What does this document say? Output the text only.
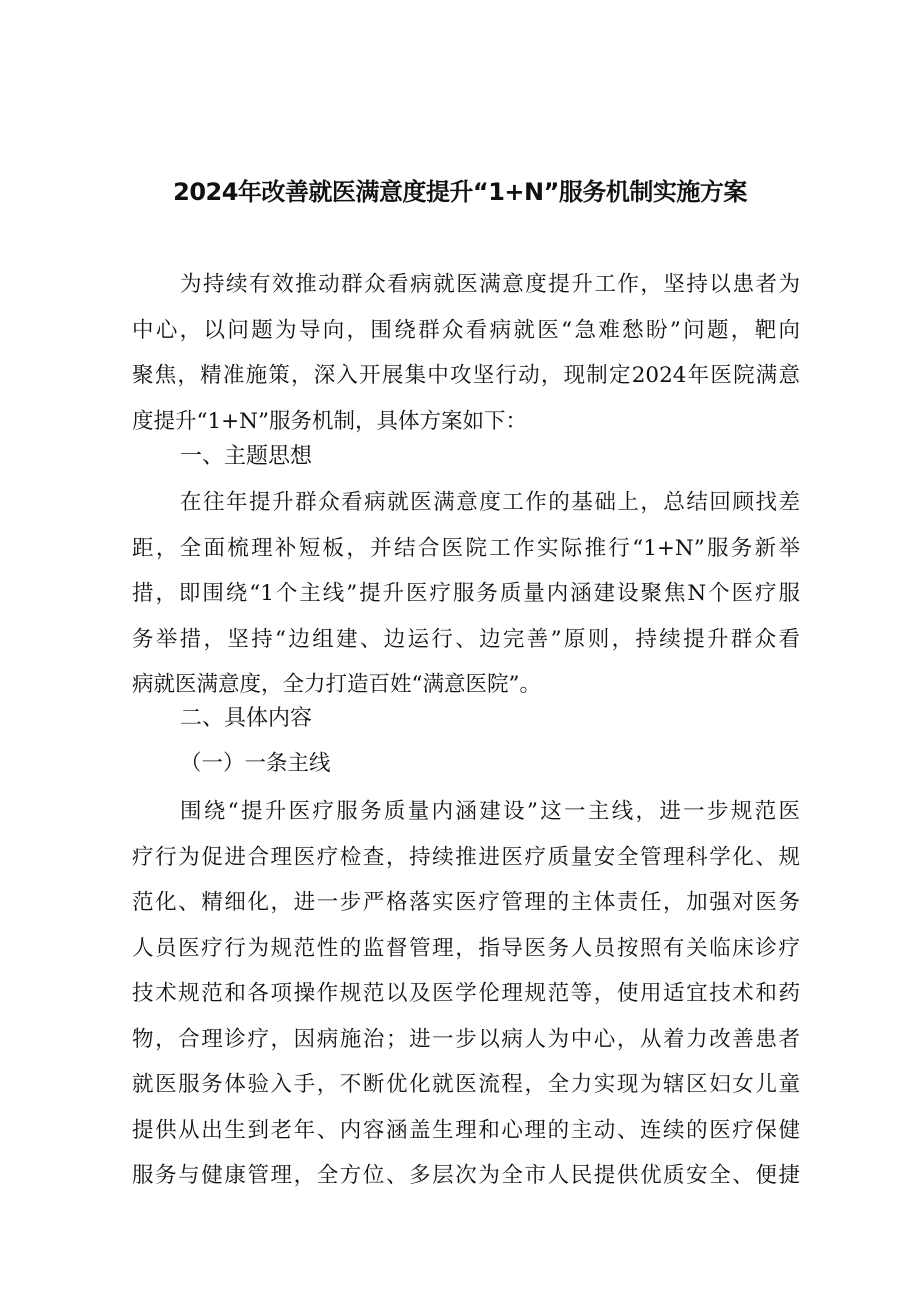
2024年改善就医满意度提升“1+N”服务机制实施方案
为持续有效推动群众看病就医满意度提升工作，坚持以患者为
中心，以问题为导向，围绕群众看病就医“急难愁盼”问题，靶向
聚焦，精准施策，深入开展集中攻坚行动，现制定2024年医院满意
度提升“1+N”服务机制，具体方案如下：
一、主题思想
在往年提升群众看病就医满意度工作的基础上，总结回顾找差
距，全面梳理补短板，并结合医院工作实际推行“1+N”服务新举
措，即围绕“1个主线”提升医疗服务质量内涵建设聚焦N个医疗服
务举措，坚持“边组建、边运行、边完善”原则，持续提升群众看
病就医满意度，全力打造百姓“满意医院”。
二、具体内容
（一）一条主线
围绕“提升医疗服务质量内涵建设”这一主线，进一步规范医
疗行为促进合理医疗检查，持续推进医疗质量安全管理科学化、规
范化、精细化，进一步严格落实医疗管理的主体责任，加强对医务
人员医疗行为规范性的监督管理，指导医务人员按照有关临床诊疗
技术规范和各项操作规范以及医学伦理规范等，使用适宜技术和药
物，合理诊疗，因病施治；进一步以病人为中心，从着力改善患者
就医服务体验入手，不断优化就医流程，全力实现为辖区妇女儿童
提供从出生到老年、内容涵盖生理和心理的主动、连续的医疗保健
服务与健康管理，全方位、多层次为全市人民提供优质安全、便捷
